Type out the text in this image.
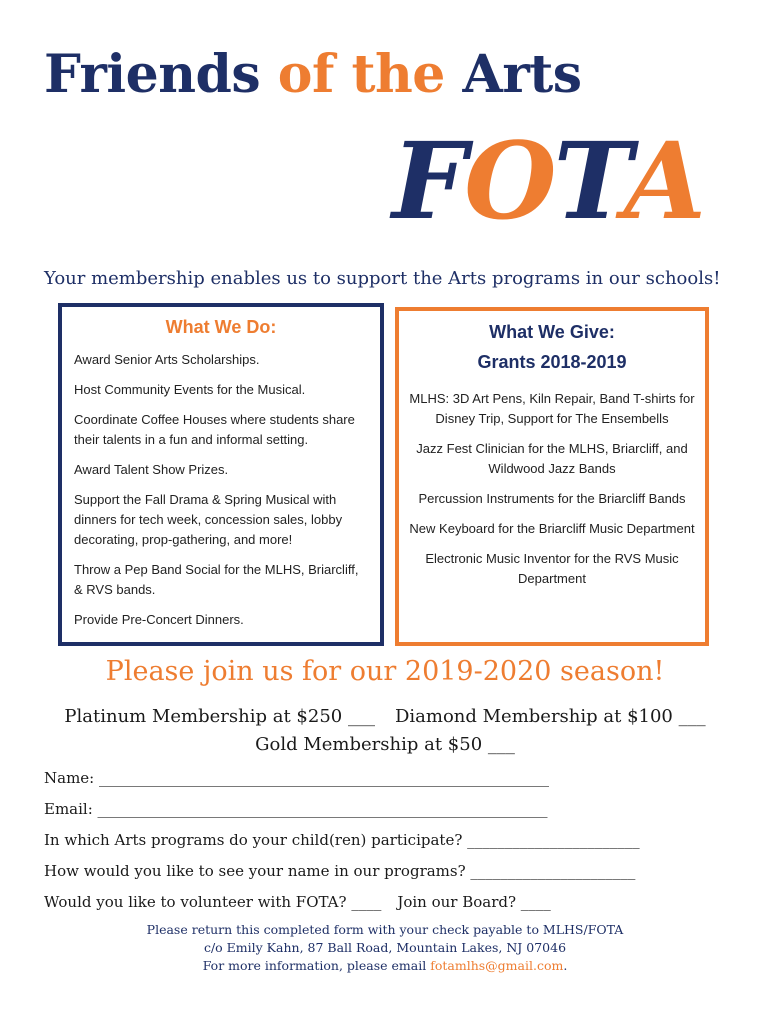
Friends of the Arts
FOTA
Your membership enables us to support the Arts programs in our schools!
What We Do:

Award Senior Arts Scholarships.

Host Community Events for the Musical.

Coordinate Coffee Houses where students share their talents in a fun and informal setting.

Award Talent Show Prizes.

Support the Fall Drama & Spring Musical with dinners for tech week, concession sales, lobby decorating, prop-gathering, and more!

Throw a Pep Band Social for the MLHS, Briarcliff, & RVS bands.

Provide Pre-Concert Dinners.

What We Give:
Grants 2018-2019

MLHS: 3D Art Pens, Kiln Repair, Band T-shirts for Disney Trip, Support for The Ensembells

Jazz Fest Clinician for the MLHS, Briarcliff, and Wildwood Jazz Bands

Percussion Instruments for the Briarcliff Bands

New Keyboard for the Briarcliff Music Department

Electronic Music Inventor for the RVS Music Department

Please join us for our 2019-2020 season!
Platinum Membership at $250 ___ Diamond Membership at $100 ___
Gold Membership at $50 ___
Name: ____________________________________________________________
Email: ____________________________________________________________
In which Arts programs do your child(ren) participate? _______________________
How would you like to see your name in our programs? ______________________
Would you like to volunteer with FOTA? ____ Join our Board? ____
Please return this completed form with your check payable to MLHS/FOTA
c/o Emily Kahn, 87 Ball Road, Mountain Lakes, NJ 07046
For more information, please email fotamlhs@gmail.com.
